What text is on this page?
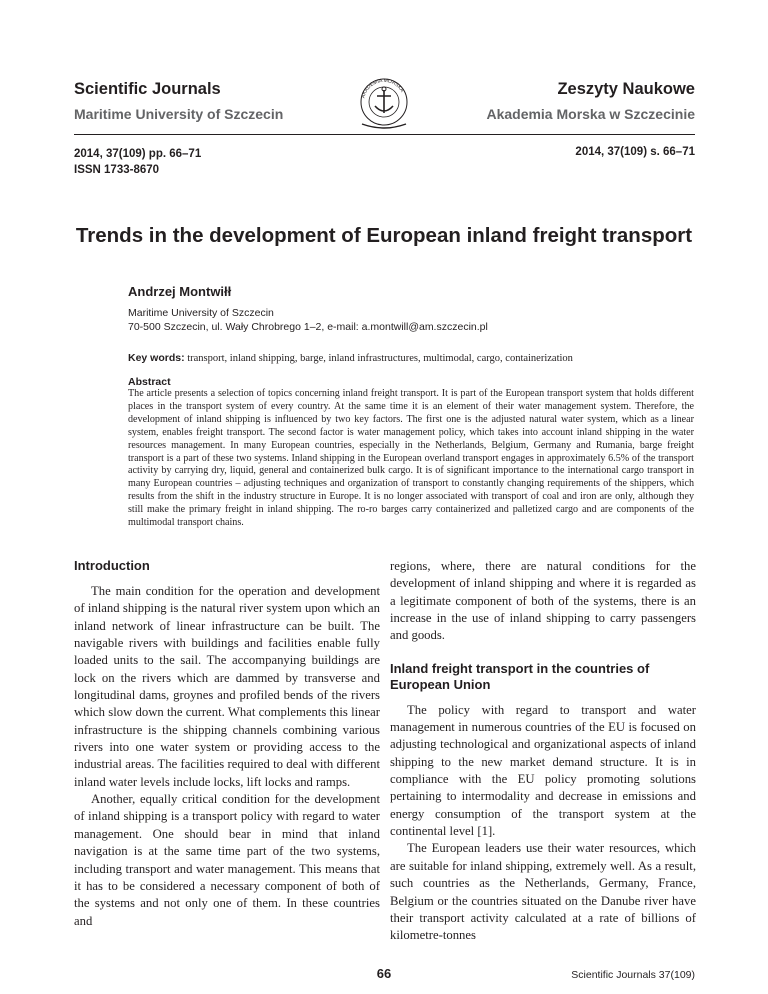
Scientific Journals
Maritime University of Szczecin
AKADEMIA MORSKA	Zeszyty Naukowe
Akademia Morska w Szczecinie
2014, 37(109) pp. 66–71
ISSN 1733-8670
2014, 37(109) s. 66–71
Trends in the development of European inland freight transport
Andrzej Montwiłł
Maritime University of Szczecin
70-500 Szczecin, ul. Wały Chrobrego 1–2, e-mail: a.montwill@am.szczecin.pl
Key words: transport, inland shipping, barge, inland infrastructures, multimodal, cargo, containerization
Abstract

The article presents a selection of topics concerning inland freight transport. It is part of the European transport system that holds different places in the transport system of every country. At the same time it is an element of their water management system. Therefore, the development of inland shipping is influenced by two key factors. The first one is the adjusted natural water system, which as a linear system, enables freight transport. The second factor is water management policy, which takes into account inland shipping in the water resources management. In many European countries, especially in the Netherlands, Belgium, Germany and Rumania, barge freight transport is a part of these two systems. Inland shipping in the European overland transport engages in approximately 6.5% of the transport activity by carrying dry, liquid, general and containerized bulk cargo. It is of significant importance to the international cargo transport in many European countries – adjusting techniques and organization of transport to constantly changing requirements of the shippers, which results from the shift in the industry structure in Europe. It is no longer associated with transport of coal and iron are only, although they still make the primary freight in inland shipping. The ro-ro barges carry containerized and palletized cargo and are components of the multimodal transport chains.

Introduction

The main condition for the operation and development of inland shipping is the natural river system upon which an inland network of linear infrastructure can be built. The navigable rivers with buildings and facilities enable fully loaded units to the sail. The accompanying buildings are lock on the rivers which are dammed by transverse and longitudinal dams, groynes and profiled bends of the rivers which slow down the current. What complements this linear infrastructure is the shipping channels combining various rivers into one water system or providing access to the industrial areas. The facilities required to deal with different inland water levels include locks, lift locks and ramps.

Another, equally critical condition for the development of inland shipping is a transport policy with regard to water management. One should bear in mind that inland navigation is at the same time part of the two systems, including transport and water management. This means that it has to be considered a necessary component of both of the systems and not only one of them. In these countries and

regions, where, there are natural conditions for the development of inland shipping and where it is regarded as a legitimate component of both of the systems, there is an increase in the use of inland shipping to carry passengers and goods.

Inland freight transport in the countries of European Union

The policy with regard to transport and water management in numerous countries of the EU is focused on adjusting technological and organizational aspects of inland shipping to the new market demand structure. It is in compliance with the EU policy promoting solutions pertaining to intermodality and decrease in emissions and energy consumption of the transport system at the continental level [1].

The European leaders use their water resources, which are suitable for inland shipping, extremely well. As a result, such countries as the Netherlands, Germany, France, Belgium or the countries situated on the Danube river have their transport activity calculated at a rate of billions of kilometre-tonnes

66	Scientific Journals 37(109)
